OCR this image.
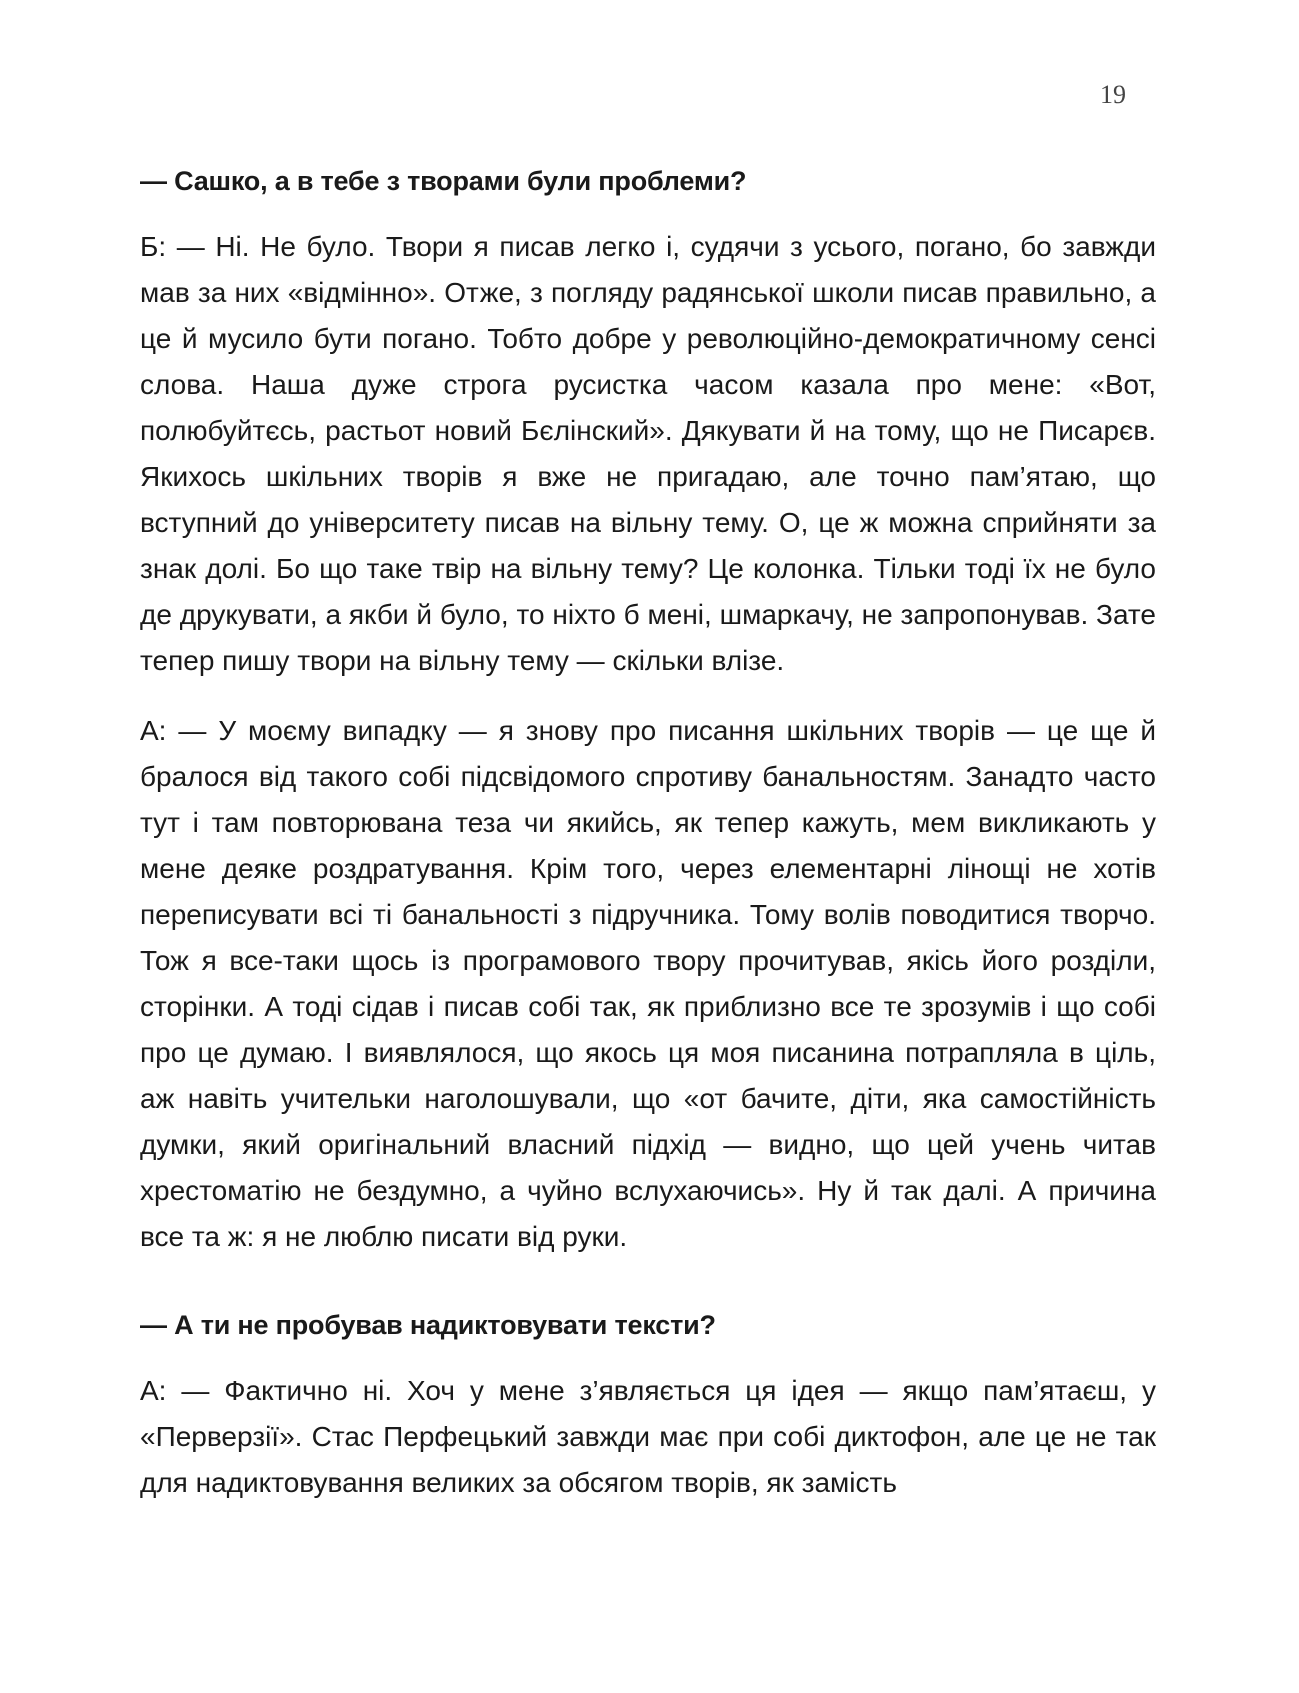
19

— Сашко, а в тебе з творами були проблеми?

Б: — Ні. Не було. Твори я писав легко і, судячи з усього, погано, бо завжди мав за них «відмінно». Отже, з погляду радянської школи писав правильно, а це й мусило бути погано. Тобто добре у революційно-демократичному сенсі слова. Наша дуже строга русистка часом казала про мене: «Вот, полюбуйтєсь, растьот новий Бєлінский». Дякувати й на тому, що не Писарєв. Якихось шкільних творів я вже не пригадаю, але точно пам’ятаю, що вступний до університету писав на вільну тему. О, це ж можна сприйняти за знак долі. Бо що таке твір на вільну тему? Це колонка. Тільки тоді їх не було де друкувати, а якби й було, то ніхто б мені, шмаркачу, не запропонував. Зате тепер пишу твори на вільну тему — скільки влізе.

А: — У моєму випадку — я знову про писання шкільних творів — це ще й бралося від такого собі підсвідомого спротиву банальностям. Занадто часто тут і там повторювана теза чи якийсь, як тепер кажуть, мем викликають у мене деяке роздратування. Крім того, через елементарні лінощі не хотів переписувати всі ті банальності з підручника. Тому волів поводитися творчо. Тож я все-таки щось із програмового твору прочитував, якісь його розділи, сторінки. А тоді сідав і писав собі так, як приблизно все те зрозумів і що собі про це думаю. І виявлялося, що якось ця моя писанина потрапляла в ціль, аж навіть учительки наголошували, що «от бачите, діти, яка самостійність думки, який оригінальний власний підхід — видно, що цей учень читав хрестоматію не бездумно, а чуйно вслухаючись». Ну й так далі. А причина все та ж: я не люблю писати від руки.

— А ти не пробував надиктовувати тексти?

А: — Фактично ні. Хоч у мене з’являється ця ідея — якщо пам’ятаєш, у «Перверзії». Стас Перфецький завжди має при собі диктофон, але це не так для надиктовування великих за обсягом творів, як замість
